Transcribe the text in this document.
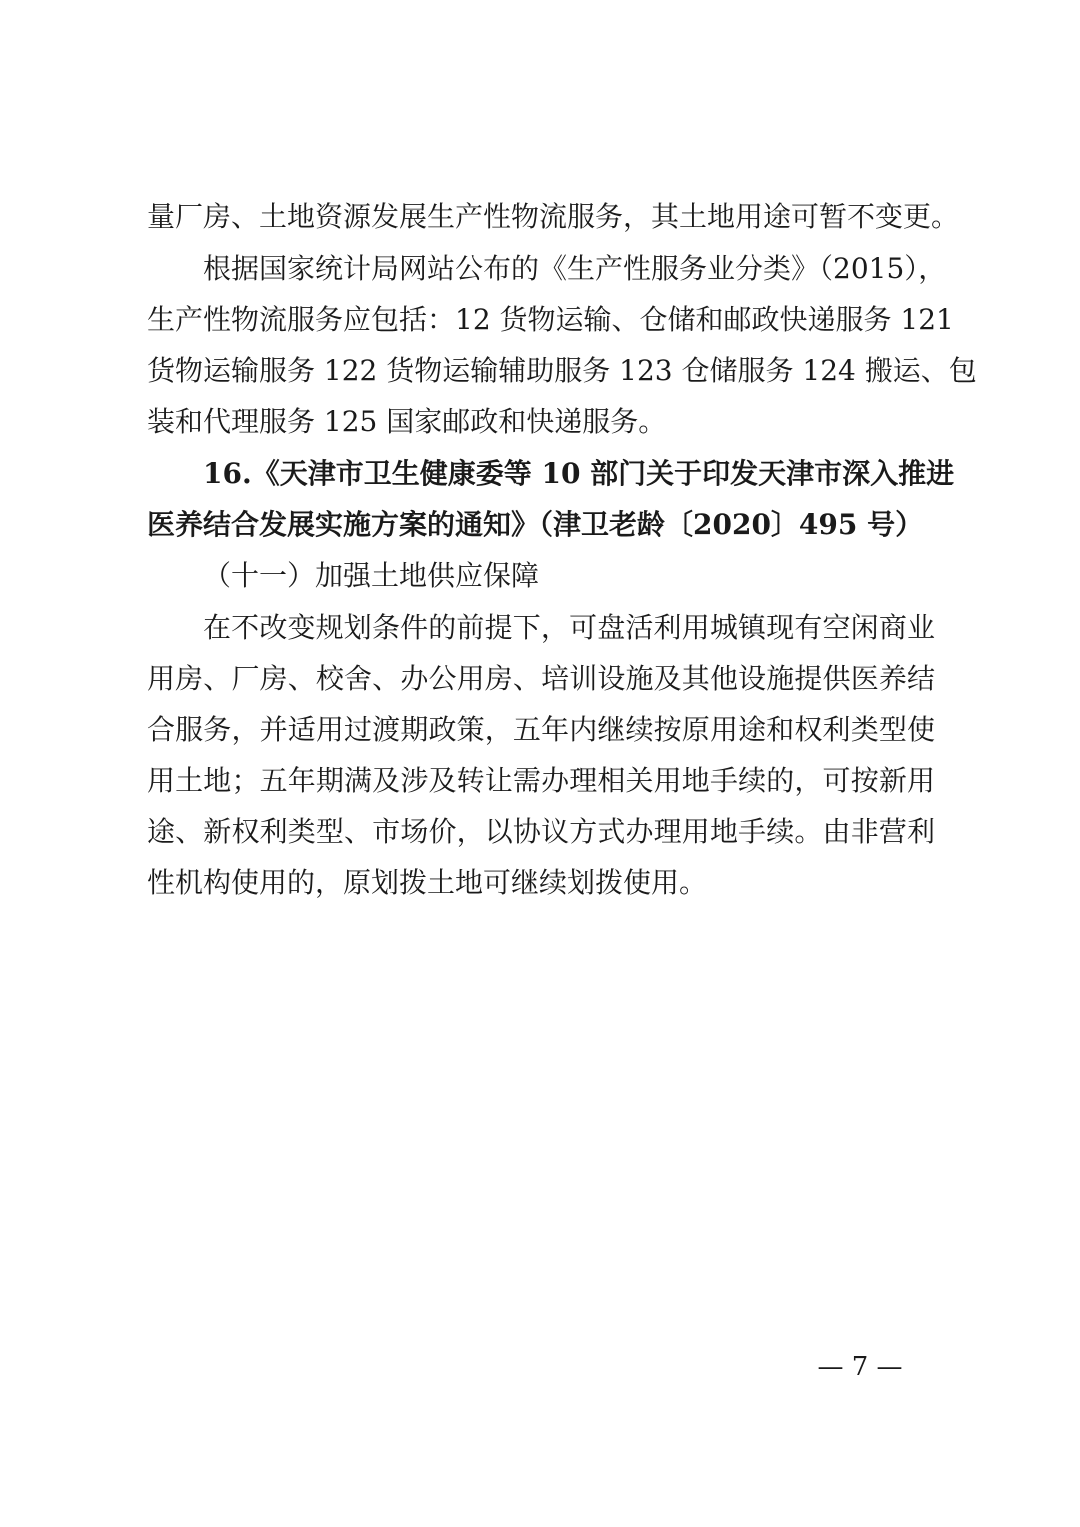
量厂房、土地资源发展生产性物流服务，其土地用途可暂不变更。
根据国家统计局网站公布的《生产性服务业分类》（2015），
生产性物流服务应包括：12 货物运输、仓储和邮政快递服务 121
货物运输服务 122 货物运输辅助服务 123 仓储服务 124 搬运、包
装和代理服务 125 国家邮政和快递服务。
16.《天津市卫生健康委等 10 部门关于印发天津市深入推进
医养结合发展实施方案的通知》（津卫老龄〔2020〕495 号）
（十一）加强土地供应保障
在不改变规划条件的前提下，可盘活利用城镇现有空闲商业
用房、厂房、校舍、办公用房、培训设施及其他设施提供医养结
合服务，并适用过渡期政策，五年内继续按原用途和权利类型使
用土地；五年期满及涉及转让需办理相关用地手续的，可按新用
途、新权利类型、市场价，以协议方式办理用地手续。由非营利
性机构使用的，原划拨土地可继续划拨使用。
— 7 —
